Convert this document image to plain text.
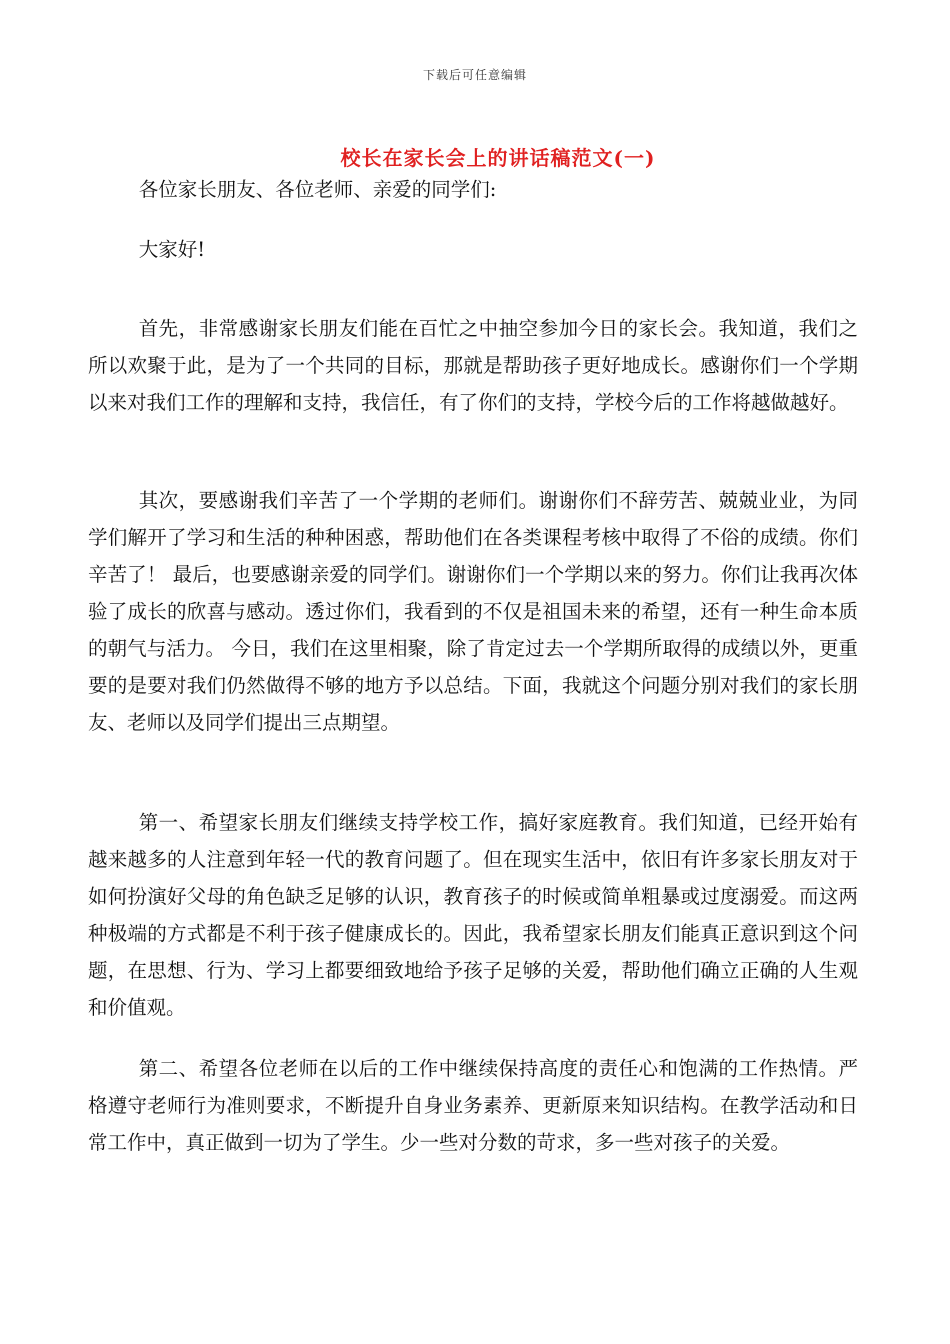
下载后可任意编辑
校长在家长会上的讲话稿范文(一)

各位家长朋友、各位老师、亲爱的同学们:

大家好!

首先，非常感谢家长朋友们能在百忙之中抽空参加今日的家长会。我知道，我们之所以欢聚于此，是为了一个共同的目标，那就是帮助孩子更好地成长。感谢你们一个学期以来对我们工作的理解和支持，我信任，有了你们的支持，学校今后的工作将越做越好。

其次，要感谢我们辛苦了一个学期的老师们。谢谢你们不辞劳苦、兢兢业业，为同学们解开了学习和生活的种种困惑，帮助他们在各类课程考核中取得了不俗的成绩。你们辛苦了！ 最后，也要感谢亲爱的同学们。谢谢你们一个学期以来的努力。你们让我再次体验了成长的欣喜与感动。透过你们，我看到的不仅是祖国未来的希望，还有一种生命本质的朝气与活力。 今日，我们在这里相聚，除了肯定过去一个学期所取得的成绩以外，更重要的是要对我们仍然做得不够的地方予以总结。下面，我就这个问题分别对我们的家长朋友、老师以及同学们提出三点期望。

第一、希望家长朋友们继续支持学校工作，搞好家庭教育。我们知道，已经开始有越来越多的人注意到年轻一代的教育问题了。但在现实生活中，依旧有许多家长朋友对于如何扮演好父母的角色缺乏足够的认识，教育孩子的时候或简单粗暴或过度溺爱。而这两种极端的方式都是不利于孩子健康成长的。因此，我希望家长朋友们能真正意识到这个问题，在思想、行为、学习上都要细致地给予孩子足够的关爱，帮助他们确立正确的人生观和价值观。

第二、希望各位老师在以后的工作中继续保持高度的责任心和饱满的工作热情。严格遵守老师行为准则要求，不断提升自身业务素养、更新原来知识结构。在教学活动和日常工作中，真正做到一切为了学生。少一些对分数的苛求，多一些对孩子的关爱。
